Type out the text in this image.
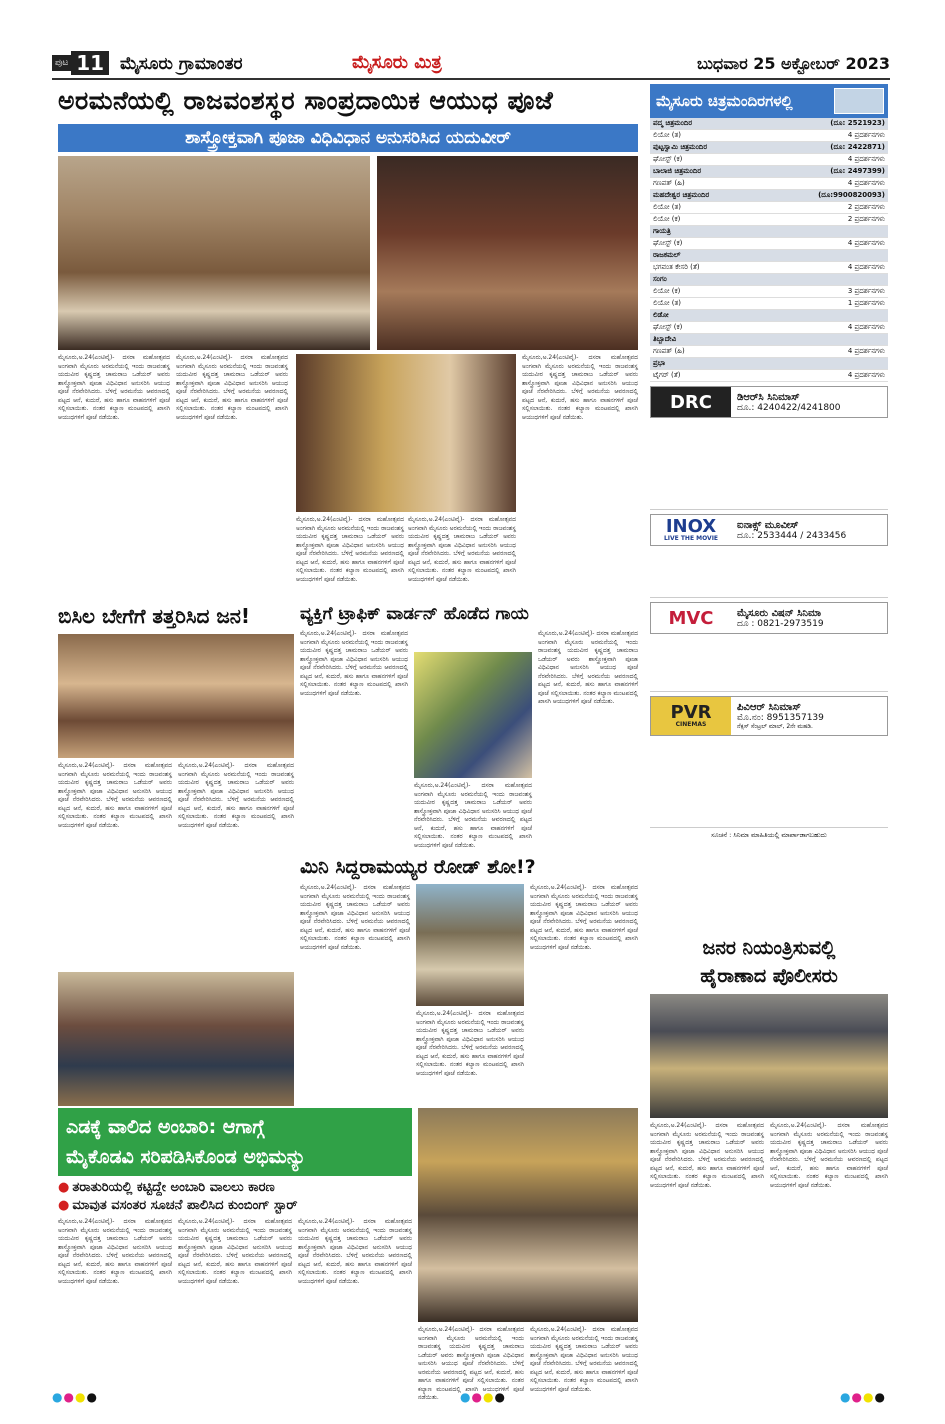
ಪುಟ 11 ಮೈಸೂರು ಗ್ರಾಮಾಂತರ	ಮೈಸೂರು ಮಿತ್ರ	ಬುಧವಾರ 25 ಅಕ್ಟೋಬರ್ 2023
ಅರಮನೆಯಲ್ಲಿ ರಾಜವಂಶಸ್ಥರ ಸಾಂಪ್ರದಾಯಿಕ ಆಯುಧ ಪೂಜೆ
ಶಾಸ್ತ್ರೋಕ್ತವಾಗಿ ಪೂಜಾ ವಿಧಿವಿಧಾನ ಅನುಸರಿಸಿದ ಯದುವೀರ್
ಮೈಸೂರು,ಅ.24(ಎಂಟಿವೈ)- ದಸರಾ ಮಹೋತ್ಸವದ ಅಂಗವಾಗಿ ಮೈಸೂರು ಅರಮನೆಯಲ್ಲಿ ಇಂದು ರಾಜವಂಶಸ್ಥ ಯದುವೀರ ಕೃಷ್ಣದತ್ತ ಚಾಮರಾಜ ಒಡೆಯರ್ ಅವರು ಶಾಸ್ತ್ರೋಕ್ತವಾಗಿ ಪೂಜಾ ವಿಧಿವಿಧಾನ ಅನುಸರಿಸಿ ಆಯುಧ ಪೂಜೆ ನೆರವೇರಿಸಿದರು. ಬೆಳಿಗ್ಗೆ ಅರಮನೆಯ ಆವರಣದಲ್ಲಿ ಪಟ್ಟದ ಆನೆ, ಕುದುರೆ, ಹಸು ಹಾಗೂ ವಾಹನಗಳಿಗೆ ಪೂಜೆ ಸಲ್ಲಿಸಲಾಯಿತು. ನಂತರ ಕಲ್ಯಾಣ ಮಂಟಪದಲ್ಲಿ ಖಾಸಗಿ ಆಯುಧಗಳಿಗೆ ಪೂಜೆ ನಡೆಯಿತು.
ಮೈಸೂರು,ಅ.24(ಎಂಟಿವೈ)- ದಸರಾ ಮಹೋತ್ಸವದ ಅಂಗವಾಗಿ ಮೈಸೂರು ಅರಮನೆಯಲ್ಲಿ ಇಂದು ರಾಜವಂಶಸ್ಥ ಯದುವೀರ ಕೃಷ್ಣದತ್ತ ಚಾಮರಾಜ ಒಡೆಯರ್ ಅವರು ಶಾಸ್ತ್ರೋಕ್ತವಾಗಿ ಪೂಜಾ ವಿಧಿವಿಧಾನ ಅನುಸರಿಸಿ ಆಯುಧ ಪೂಜೆ ನೆರವೇರಿಸಿದರು. ಬೆಳಿಗ್ಗೆ ಅರಮನೆಯ ಆವರಣದಲ್ಲಿ ಪಟ್ಟದ ಆನೆ, ಕುದುರೆ, ಹಸು ಹಾಗೂ ವಾಹನಗಳಿಗೆ ಪೂಜೆ ಸಲ್ಲಿಸಲಾಯಿತು. ನಂತರ ಕಲ್ಯಾಣ ಮಂಟಪದಲ್ಲಿ ಖಾಸಗಿ ಆಯುಧಗಳಿಗೆ ಪೂಜೆ ನಡೆಯಿತು.
ಮೈಸೂರು,ಅ.24(ಎಂಟಿವೈ)- ದಸರಾ ಮಹೋತ್ಸವದ ಅಂಗವಾಗಿ ಮೈಸೂರು ಅರಮನೆಯಲ್ಲಿ ಇಂದು ರಾಜವಂಶಸ್ಥ ಯದುವೀರ ಕೃಷ್ಣದತ್ತ ಚಾಮರಾಜ ಒಡೆಯರ್ ಅವರು ಶಾಸ್ತ್ರೋಕ್ತವಾಗಿ ಪೂಜಾ ವಿಧಿವಿಧಾನ ಅನುಸರಿಸಿ ಆಯುಧ ಪೂಜೆ ನೆರವೇರಿಸಿದರು. ಬೆಳಿಗ್ಗೆ ಅರಮನೆಯ ಆವರಣದಲ್ಲಿ ಪಟ್ಟದ ಆನೆ, ಕುದುರೆ, ಹಸು ಹಾಗೂ ವಾಹನಗಳಿಗೆ ಪೂಜೆ ಸಲ್ಲಿಸಲಾಯಿತು. ನಂತರ ಕಲ್ಯಾಣ ಮಂಟಪದಲ್ಲಿ ಖಾಸಗಿ ಆಯುಧಗಳಿಗೆ ಪೂಜೆ ನಡೆಯಿತು.
ಮೈಸೂರು,ಅ.24(ಎಂಟಿವೈ)- ದಸರಾ ಮಹೋತ್ಸವದ ಅಂಗವಾಗಿ ಮೈಸೂರು ಅರಮನೆಯಲ್ಲಿ ಇಂದು ರಾಜವಂಶಸ್ಥ ಯದುವೀರ ಕೃಷ್ಣದತ್ತ ಚಾಮರಾಜ ಒಡೆಯರ್ ಅವರು ಶಾಸ್ತ್ರೋಕ್ತವಾಗಿ ಪೂಜಾ ವಿಧಿವಿಧಾನ ಅನುಸರಿಸಿ ಆಯುಧ ಪೂಜೆ ನೆರವೇರಿಸಿದರು. ಬೆಳಿಗ್ಗೆ ಅರಮನೆಯ ಆವರಣದಲ್ಲಿ ಪಟ್ಟದ ಆನೆ, ಕುದುರೆ, ಹಸು ಹಾಗೂ ವಾಹನಗಳಿಗೆ ಪೂಜೆ ಸಲ್ಲಿಸಲಾಯಿತು. ನಂತರ ಕಲ್ಯಾಣ ಮಂಟಪದಲ್ಲಿ ಖಾಸಗಿ ಆಯುಧಗಳಿಗೆ ಪೂಜೆ ನಡೆಯಿತು.
ಮೈಸೂರು,ಅ.24(ಎಂಟಿವೈ)- ದಸರಾ ಮಹೋತ್ಸವದ ಅಂಗವಾಗಿ ಮೈಸೂರು ಅರಮನೆಯಲ್ಲಿ ಇಂದು ರಾಜವಂಶಸ್ಥ ಯದುವೀರ ಕೃಷ್ಣದತ್ತ ಚಾಮರಾಜ ಒಡೆಯರ್ ಅವರು ಶಾಸ್ತ್ರೋಕ್ತವಾಗಿ ಪೂಜಾ ವಿಧಿವಿಧಾನ ಅನುಸರಿಸಿ ಆಯುಧ ಪೂಜೆ ನೆರವೇರಿಸಿದರು. ಬೆಳಿಗ್ಗೆ ಅರಮನೆಯ ಆವರಣದಲ್ಲಿ ಪಟ್ಟದ ಆನೆ, ಕುದುರೆ, ಹಸು ಹಾಗೂ ವಾಹನಗಳಿಗೆ ಪೂಜೆ ಸಲ್ಲಿಸಲಾಯಿತು. ನಂತರ ಕಲ್ಯಾಣ ಮಂಟಪದಲ್ಲಿ ಖಾಸಗಿ ಆಯುಧಗಳಿಗೆ ಪೂಜೆ ನಡೆಯಿತು.
ಮೈಸೂರು ಚಿತ್ರಮಂದಿರಗಳಲ್ಲಿ
ಪದ್ಮ ಚಿತ್ರಮಂದಿರ	(ದೂ: 2521923)
ಲಿಯೋ (ತ)	4 ಪ್ರದರ್ಶನಗಳು
ಪುಟ್ಟಸ್ವಾಮಿ ಚಿತ್ರಮಂದಿರ	(ದೂ: 2422871)
ಘೋಸ್ಟ್ (ಕ)	4 ಪ್ರದರ್ಶನಗಳು
ಬಾಲಾಜಿ ಚಿತ್ರಮಂದಿರ	(ದೂ: 2497399)
ಗಣಪತ್ (ಹಿ)	4 ಪ್ರದರ್ಶನಗಳು
ಮಹದೇಶ್ವರ ಚಿತ್ರಮಂದಿರ	(ದೂ:9900820093)
ಲಿಯೋ (ತ)	2 ಪ್ರದರ್ಶನಗಳು
ಲಿಯೋ (ಕ)	2 ಪ್ರದರ್ಶನಗಳು
ಗಾಯತ್ರಿ	
ಘೋಸ್ಟ್ (ಕ)	4 ಪ್ರದರ್ಶನಗಳು
ರಾಜಕಮಲ್	
ಭಗವಂತ ಕೇಸರಿ (ತೆ)	4 ಪ್ರದರ್ಶನಗಳು
ಸಂಗಂ	
ಲಿಯೋ (ಕ)	3 ಪ್ರದರ್ಶನಗಳು
ಲಿಯೋ (ತ)	1 ಪ್ರದರ್ಶನಗಳು
ಲಿಡೋ	
ಘೋಸ್ಟ್ (ಕ)	4 ಪ್ರದರ್ಶನಗಳು
ತಿಬ್ಬಾದೇವಿ	
ಗಣಪತ್ (ಹಿ)	4 ಪ್ರದರ್ಶನಗಳು
ಪ್ರಭಾ	
ಟೈಗರ್ (ತೆ)	4 ಪ್ರದರ್ಶನಗಳು
DRC	ಡಿಆರ್‌ಸಿ ಸಿನಿಮಾಸ್
ದೂ.: 4240422/4241800
INOX
LIVE THE MOVIE
ಐನಾಕ್ಸ್ ಮೂವೀಸ್
ದೂ.: 2533444 / 2433456
MVC	ಮೈಸೂರು ವಿಷನ್ ಸಿನಿಮಾ
ದೂ : 0821-2973519
PVR
CINEMAS
ಪಿವಿಆರ್ ಸಿನಿಮಾಸ್
ಮೊ.ನಂ: 8951357139
ನೆಕ್ಸಸ್ ಸೆಂಟ್ರಲ್ ಮಾಲ್, 2ನೇ ಮಹಡಿ.
ಸೂಚನೆ : ಸಿನಿಮಾ ಮಾಹಿತಿಯಲ್ಲಿ ಮಾರ್ಪಾಡಾಗಬಹುದು
ಬಿಸಿಲ ಬೇಗೆಗೆ ತತ್ತರಿಸಿದ ಜನ!
ಮೈಸೂರು,ಅ.24(ಎಂಟಿವೈ)- ದಸರಾ ಮಹೋತ್ಸವದ ಅಂಗವಾಗಿ ಮೈಸೂರು ಅರಮನೆಯಲ್ಲಿ ಇಂದು ರಾಜವಂಶಸ್ಥ ಯದುವೀರ ಕೃಷ್ಣದತ್ತ ಚಾಮರಾಜ ಒಡೆಯರ್ ಅವರು ಶಾಸ್ತ್ರೋಕ್ತವಾಗಿ ಪೂಜಾ ವಿಧಿವಿಧಾನ ಅನುಸರಿಸಿ ಆಯುಧ ಪೂಜೆ ನೆರವೇರಿಸಿದರು. ಬೆಳಿಗ್ಗೆ ಅರಮನೆಯ ಆವರಣದಲ್ಲಿ ಪಟ್ಟದ ಆನೆ, ಕುದುರೆ, ಹಸು ಹಾಗೂ ವಾಹನಗಳಿಗೆ ಪೂಜೆ ಸಲ್ಲಿಸಲಾಯಿತು. ನಂತರ ಕಲ್ಯಾಣ ಮಂಟಪದಲ್ಲಿ ಖಾಸಗಿ ಆಯುಧಗಳಿಗೆ ಪೂಜೆ ನಡೆಯಿತು.
ಮೈಸೂರು,ಅ.24(ಎಂಟಿವೈ)- ದಸರಾ ಮಹೋತ್ಸವದ ಅಂಗವಾಗಿ ಮೈಸೂರು ಅರಮನೆಯಲ್ಲಿ ಇಂದು ರಾಜವಂಶಸ್ಥ ಯದುವೀರ ಕೃಷ್ಣದತ್ತ ಚಾಮರಾಜ ಒಡೆಯರ್ ಅವರು ಶಾಸ್ತ್ರೋಕ್ತವಾಗಿ ಪೂಜಾ ವಿಧಿವಿಧಾನ ಅನುಸರಿಸಿ ಆಯುಧ ಪೂಜೆ ನೆರವೇರಿಸಿದರು. ಬೆಳಿಗ್ಗೆ ಅರಮನೆಯ ಆವರಣದಲ್ಲಿ ಪಟ್ಟದ ಆನೆ, ಕುದುರೆ, ಹಸು ಹಾಗೂ ವಾಹನಗಳಿಗೆ ಪೂಜೆ ಸಲ್ಲಿಸಲಾಯಿತು. ನಂತರ ಕಲ್ಯಾಣ ಮಂಟಪದಲ್ಲಿ ಖಾಸಗಿ ಆಯುಧಗಳಿಗೆ ಪೂಜೆ ನಡೆಯಿತು.
ವ್ಯಕ್ತಿಗೆ ಟ್ರಾಫಿಕ್ ವಾರ್ಡನ್ ಹೊಡೆದ ಗಾಯ
ಮೈಸೂರು,ಅ.24(ಎಂಟಿವೈ)- ದಸರಾ ಮಹೋತ್ಸವದ ಅಂಗವಾಗಿ ಮೈಸೂರು ಅರಮನೆಯಲ್ಲಿ ಇಂದು ರಾಜವಂಶಸ್ಥ ಯದುವೀರ ಕೃಷ್ಣದತ್ತ ಚಾಮರಾಜ ಒಡೆಯರ್ ಅವರು ಶಾಸ್ತ್ರೋಕ್ತವಾಗಿ ಪೂಜಾ ವಿಧಿವಿಧಾನ ಅನುಸರಿಸಿ ಆಯುಧ ಪೂಜೆ ನೆರವೇರಿಸಿದರು. ಬೆಳಿಗ್ಗೆ ಅರಮನೆಯ ಆವರಣದಲ್ಲಿ ಪಟ್ಟದ ಆನೆ, ಕುದುರೆ, ಹಸು ಹಾಗೂ ವಾಹನಗಳಿಗೆ ಪೂಜೆ ಸಲ್ಲಿಸಲಾಯಿತು. ನಂತರ ಕಲ್ಯಾಣ ಮಂಟಪದಲ್ಲಿ ಖಾಸಗಿ ಆಯುಧಗಳಿಗೆ ಪೂಜೆ ನಡೆಯಿತು.
ಮೈಸೂರು,ಅ.24(ಎಂಟಿವೈ)- ದಸರಾ ಮಹೋತ್ಸವದ ಅಂಗವಾಗಿ ಮೈಸೂರು ಅರಮನೆಯಲ್ಲಿ ಇಂದು ರಾಜವಂಶಸ್ಥ ಯದುವೀರ ಕೃಷ್ಣದತ್ತ ಚಾಮರಾಜ ಒಡೆಯರ್ ಅವರು ಶಾಸ್ತ್ರೋಕ್ತವಾಗಿ ಪೂಜಾ ವಿಧಿವಿಧಾನ ಅನುಸರಿಸಿ ಆಯುಧ ಪೂಜೆ ನೆರವೇರಿಸಿದರು. ಬೆಳಿಗ್ಗೆ ಅರಮನೆಯ ಆವರಣದಲ್ಲಿ ಪಟ್ಟದ ಆನೆ, ಕುದುರೆ, ಹಸು ಹಾಗೂ ವಾಹನಗಳಿಗೆ ಪೂಜೆ ಸಲ್ಲಿಸಲಾಯಿತು. ನಂತರ ಕಲ್ಯಾಣ ಮಂಟಪದಲ್ಲಿ ಖಾಸಗಿ ಆಯುಧಗಳಿಗೆ ಪೂಜೆ ನಡೆಯಿತು.
ಮೈಸೂರು,ಅ.24(ಎಂಟಿವೈ)- ದಸರಾ ಮಹೋತ್ಸವದ ಅಂಗವಾಗಿ ಮೈಸೂರು ಅರಮನೆಯಲ್ಲಿ ಇಂದು ರಾಜವಂಶಸ್ಥ ಯದುವೀರ ಕೃಷ್ಣದತ್ತ ಚಾಮರಾಜ ಒಡೆಯರ್ ಅವರು ಶಾಸ್ತ್ರೋಕ್ತವಾಗಿ ಪೂಜಾ ವಿಧಿವಿಧಾನ ಅನುಸರಿಸಿ ಆಯುಧ ಪೂಜೆ ನೆರವೇರಿಸಿದರು. ಬೆಳಿಗ್ಗೆ ಅರಮನೆಯ ಆವರಣದಲ್ಲಿ ಪಟ್ಟದ ಆನೆ, ಕುದುರೆ, ಹಸು ಹಾಗೂ ವಾಹನಗಳಿಗೆ ಪೂಜೆ ಸಲ್ಲಿಸಲಾಯಿತು. ನಂತರ ಕಲ್ಯಾಣ ಮಂಟಪದಲ್ಲಿ ಖಾಸಗಿ ಆಯುಧಗಳಿಗೆ ಪೂಜೆ ನಡೆಯಿತು.
ಮಿನಿ ಸಿದ್ದರಾಮಯ್ಯರ ರೋಡ್ ಶೋ!?
ಮೈಸೂರು,ಅ.24(ಎಂಟಿವೈ)- ದಸರಾ ಮಹೋತ್ಸವದ ಅಂಗವಾಗಿ ಮೈಸೂರು ಅರಮನೆಯಲ್ಲಿ ಇಂದು ರಾಜವಂಶಸ್ಥ ಯದುವೀರ ಕೃಷ್ಣದತ್ತ ಚಾಮರಾಜ ಒಡೆಯರ್ ಅವರು ಶಾಸ್ತ್ರೋಕ್ತವಾಗಿ ಪೂಜಾ ವಿಧಿವಿಧಾನ ಅನುಸರಿಸಿ ಆಯುಧ ಪೂಜೆ ನೆರವೇರಿಸಿದರು. ಬೆಳಿಗ್ಗೆ ಅರಮನೆಯ ಆವರಣದಲ್ಲಿ ಪಟ್ಟದ ಆನೆ, ಕುದುರೆ, ಹಸು ಹಾಗೂ ವಾಹನಗಳಿಗೆ ಪೂಜೆ ಸಲ್ಲಿಸಲಾಯಿತು. ನಂತರ ಕಲ್ಯಾಣ ಮಂಟಪದಲ್ಲಿ ಖಾಸಗಿ ಆಯುಧಗಳಿಗೆ ಪೂಜೆ ನಡೆಯಿತು.
ಮೈಸೂರು,ಅ.24(ಎಂಟಿವೈ)- ದಸರಾ ಮಹೋತ್ಸವದ ಅಂಗವಾಗಿ ಮೈಸೂರು ಅರಮನೆಯಲ್ಲಿ ಇಂದು ರಾಜವಂಶಸ್ಥ ಯದುವೀರ ಕೃಷ್ಣದತ್ತ ಚಾಮರಾಜ ಒಡೆಯರ್ ಅವರು ಶಾಸ್ತ್ರೋಕ್ತವಾಗಿ ಪೂಜಾ ವಿಧಿವಿಧಾನ ಅನುಸರಿಸಿ ಆಯುಧ ಪೂಜೆ ನೆರವೇರಿಸಿದರು. ಬೆಳಿಗ್ಗೆ ಅರಮನೆಯ ಆವರಣದಲ್ಲಿ ಪಟ್ಟದ ಆನೆ, ಕುದುರೆ, ಹಸು ಹಾಗೂ ವಾಹನಗಳಿಗೆ ಪೂಜೆ ಸಲ್ಲಿಸಲಾಯಿತು. ನಂತರ ಕಲ್ಯಾಣ ಮಂಟಪದಲ್ಲಿ ಖಾಸಗಿ ಆಯುಧಗಳಿಗೆ ಪೂಜೆ ನಡೆಯಿತು.
ಮೈಸೂರು,ಅ.24(ಎಂಟಿವೈ)- ದಸರಾ ಮಹೋತ್ಸವದ ಅಂಗವಾಗಿ ಮೈಸೂರು ಅರಮನೆಯಲ್ಲಿ ಇಂದು ರಾಜವಂಶಸ್ಥ ಯದುವೀರ ಕೃಷ್ಣದತ್ತ ಚಾಮರಾಜ ಒಡೆಯರ್ ಅವರು ಶಾಸ್ತ್ರೋಕ್ತವಾಗಿ ಪೂಜಾ ವಿಧಿವಿಧಾನ ಅನುಸರಿಸಿ ಆಯುಧ ಪೂಜೆ ನೆರವೇರಿಸಿದರು. ಬೆಳಿಗ್ಗೆ ಅರಮನೆಯ ಆವರಣದಲ್ಲಿ ಪಟ್ಟದ ಆನೆ, ಕುದುರೆ, ಹಸು ಹಾಗೂ ವಾಹನಗಳಿಗೆ ಪೂಜೆ ಸಲ್ಲಿಸಲಾಯಿತು. ನಂತರ ಕಲ್ಯಾಣ ಮಂಟಪದಲ್ಲಿ ಖಾಸಗಿ ಆಯುಧಗಳಿಗೆ ಪೂಜೆ ನಡೆಯಿತು.	ಜನರ ನಿಯಂತ್ರಿಸುವಲ್ಲಿ
ಹೈರಾಣಾದ ಪೊಲೀಸರು
ಮೈಸೂರು,ಅ.24(ಎಂಟಿವೈ)- ದಸರಾ ಮಹೋತ್ಸವದ ಅಂಗವಾಗಿ ಮೈಸೂರು ಅರಮನೆಯಲ್ಲಿ ಇಂದು ರಾಜವಂಶಸ್ಥ ಯದುವೀರ ಕೃಷ್ಣದತ್ತ ಚಾಮರಾಜ ಒಡೆಯರ್ ಅವರು ಶಾಸ್ತ್ರೋಕ್ತವಾಗಿ ಪೂಜಾ ವಿಧಿವಿಧಾನ ಅನುಸರಿಸಿ ಆಯುಧ ಪೂಜೆ ನೆರವೇರಿಸಿದರು. ಬೆಳಿಗ್ಗೆ ಅರಮನೆಯ ಆವರಣದಲ್ಲಿ ಪಟ್ಟದ ಆನೆ, ಕುದುರೆ, ಹಸು ಹಾಗೂ ವಾಹನಗಳಿಗೆ ಪೂಜೆ ಸಲ್ಲಿಸಲಾಯಿತು. ನಂತರ ಕಲ್ಯಾಣ ಮಂಟಪದಲ್ಲಿ ಖಾಸಗಿ ಆಯುಧಗಳಿಗೆ ಪೂಜೆ ನಡೆಯಿತು.
ಮೈಸೂರು,ಅ.24(ಎಂಟಿವೈ)- ದಸರಾ ಮಹೋತ್ಸವದ ಅಂಗವಾಗಿ ಮೈಸೂರು ಅರಮನೆಯಲ್ಲಿ ಇಂದು ರಾಜವಂಶಸ್ಥ ಯದುವೀರ ಕೃಷ್ಣದತ್ತ ಚಾಮರಾಜ ಒಡೆಯರ್ ಅವರು ಶಾಸ್ತ್ರೋಕ್ತವಾಗಿ ಪೂಜಾ ವಿಧಿವಿಧಾನ ಅನುಸರಿಸಿ ಆಯುಧ ಪೂಜೆ ನೆರವೇರಿಸಿದರು. ಬೆಳಿಗ್ಗೆ ಅರಮನೆಯ ಆವರಣದಲ್ಲಿ ಪಟ್ಟದ ಆನೆ, ಕುದುರೆ, ಹಸು ಹಾಗೂ ವಾಹನಗಳಿಗೆ ಪೂಜೆ ಸಲ್ಲಿಸಲಾಯಿತು. ನಂತರ ಕಲ್ಯಾಣ ಮಂಟಪದಲ್ಲಿ ಖಾಸಗಿ ಆಯುಧಗಳಿಗೆ ಪೂಜೆ ನಡೆಯಿತು.
ಎಡಕ್ಕೆ ವಾಲಿದ ಅಂಬಾರಿ: ಆಗಾಗ್ಗೆ
ಮೈಕೊಡವಿ ಸರಿಪಡಿಸಿಕೊಂಡ ಅಭಿಮನ್ಯು
● ತರಾತುರಿಯಲ್ಲಿ ಕಟ್ಟಿದ್ದೇ ಅಂಬಾರಿ ವಾಲಲು ಕಾರಣ
● ಮಾವುತ ವಸಂತರ ಸೂಚನೆ ಪಾಲಿಸಿದ ಕುಂಬಿಂಗ್ ಸ್ಟಾರ್
ಮೈಸೂರು,ಅ.24(ಎಂಟಿವೈ)- ದಸರಾ ಮಹೋತ್ಸವದ ಅಂಗವಾಗಿ ಮೈಸೂರು ಅರಮನೆಯಲ್ಲಿ ಇಂದು ರಾಜವಂಶಸ್ಥ ಯದುವೀರ ಕೃಷ್ಣದತ್ತ ಚಾಮರಾಜ ಒಡೆಯರ್ ಅವರು ಶಾಸ್ತ್ರೋಕ್ತವಾಗಿ ಪೂಜಾ ವಿಧಿವಿಧಾನ ಅನುಸರಿಸಿ ಆಯುಧ ಪೂಜೆ ನೆರವೇರಿಸಿದರು. ಬೆಳಿಗ್ಗೆ ಅರಮನೆಯ ಆವರಣದಲ್ಲಿ ಪಟ್ಟದ ಆನೆ, ಕುದುರೆ, ಹಸು ಹಾಗೂ ವಾಹನಗಳಿಗೆ ಪೂಜೆ ಸಲ್ಲಿಸಲಾಯಿತು. ನಂತರ ಕಲ್ಯಾಣ ಮಂಟಪದಲ್ಲಿ ಖಾಸಗಿ ಆಯುಧಗಳಿಗೆ ಪೂಜೆ ನಡೆಯಿತು.
ಮೈಸೂರು,ಅ.24(ಎಂಟಿವೈ)- ದಸರಾ ಮಹೋತ್ಸವದ ಅಂಗವಾಗಿ ಮೈಸೂರು ಅರಮನೆಯಲ್ಲಿ ಇಂದು ರಾಜವಂಶಸ್ಥ ಯದುವೀರ ಕೃಷ್ಣದತ್ತ ಚಾಮರಾಜ ಒಡೆಯರ್ ಅವರು ಶಾಸ್ತ್ರೋಕ್ತವಾಗಿ ಪೂಜಾ ವಿಧಿವಿಧಾನ ಅನುಸರಿಸಿ ಆಯುಧ ಪೂಜೆ ನೆರವೇರಿಸಿದರು. ಬೆಳಿಗ್ಗೆ ಅರಮನೆಯ ಆವರಣದಲ್ಲಿ ಪಟ್ಟದ ಆನೆ, ಕುದುರೆ, ಹಸು ಹಾಗೂ ವಾಹನಗಳಿಗೆ ಪೂಜೆ ಸಲ್ಲಿಸಲಾಯಿತು. ನಂತರ ಕಲ್ಯಾಣ ಮಂಟಪದಲ್ಲಿ ಖಾಸಗಿ ಆಯುಧಗಳಿಗೆ ಪೂಜೆ ನಡೆಯಿತು.
ಮೈಸೂರು,ಅ.24(ಎಂಟಿವೈ)- ದಸರಾ ಮಹೋತ್ಸವದ ಅಂಗವಾಗಿ ಮೈಸೂರು ಅರಮನೆಯಲ್ಲಿ ಇಂದು ರಾಜವಂಶಸ್ಥ ಯದುವೀರ ಕೃಷ್ಣದತ್ತ ಚಾಮರಾಜ ಒಡೆಯರ್ ಅವರು ಶಾಸ್ತ್ರೋಕ್ತವಾಗಿ ಪೂಜಾ ವಿಧಿವಿಧಾನ ಅನುಸರಿಸಿ ಆಯುಧ ಪೂಜೆ ನೆರವೇರಿಸಿದರು. ಬೆಳಿಗ್ಗೆ ಅರಮನೆಯ ಆವರಣದಲ್ಲಿ ಪಟ್ಟದ ಆನೆ, ಕುದುರೆ, ಹಸು ಹಾಗೂ ವಾಹನಗಳಿಗೆ ಪೂಜೆ ಸಲ್ಲಿಸಲಾಯಿತು. ನಂತರ ಕಲ್ಯಾಣ ಮಂಟಪದಲ್ಲಿ ಖಾಸಗಿ ಆಯುಧಗಳಿಗೆ ಪೂಜೆ ನಡೆಯಿತು.
ಮೈಸೂರು,ಅ.24(ಎಂಟಿವೈ)- ದಸರಾ ಮಹೋತ್ಸವದ ಅಂಗವಾಗಿ ಮೈಸೂರು ಅರಮನೆಯಲ್ಲಿ ಇಂದು ರಾಜವಂಶಸ್ಥ ಯದುವೀರ ಕೃಷ್ಣದತ್ತ ಚಾಮರಾಜ ಒಡೆಯರ್ ಅವರು ಶಾಸ್ತ್ರೋಕ್ತವಾಗಿ ಪೂಜಾ ವಿಧಿವಿಧಾನ ಅನುಸರಿಸಿ ಆಯುಧ ಪೂಜೆ ನೆರವೇರಿಸಿದರು. ಬೆಳಿಗ್ಗೆ ಅರಮನೆಯ ಆವರಣದಲ್ಲಿ ಪಟ್ಟದ ಆನೆ, ಕುದುರೆ, ಹಸು ಹಾಗೂ ವಾಹನಗಳಿಗೆ ಪೂಜೆ ಸಲ್ಲಿಸಲಾಯಿತು. ನಂತರ ಕಲ್ಯಾಣ ಮಂಟಪದಲ್ಲಿ ಖಾಸಗಿ ಆಯುಧಗಳಿಗೆ ಪೂಜೆ ನಡೆಯಿತು.
ಮೈಸೂರು,ಅ.24(ಎಂಟಿವೈ)- ದಸರಾ ಮಹೋತ್ಸವದ ಅಂಗವಾಗಿ ಮೈಸೂರು ಅರಮನೆಯಲ್ಲಿ ಇಂದು ರಾಜವಂಶಸ್ಥ ಯದುವೀರ ಕೃಷ್ಣದತ್ತ ಚಾಮರಾಜ ಒಡೆಯರ್ ಅವರು ಶಾಸ್ತ್ರೋಕ್ತವಾಗಿ ಪೂಜಾ ವಿಧಿವಿಧಾನ ಅನುಸರಿಸಿ ಆಯುಧ ಪೂಜೆ ನೆರವೇರಿಸಿದರು. ಬೆಳಿಗ್ಗೆ ಅರಮನೆಯ ಆವರಣದಲ್ಲಿ ಪಟ್ಟದ ಆನೆ, ಕುದುರೆ, ಹಸು ಹಾಗೂ ವಾಹನಗಳಿಗೆ ಪೂಜೆ ಸಲ್ಲಿಸಲಾಯಿತು. ನಂತರ ಕಲ್ಯಾಣ ಮಂಟಪದಲ್ಲಿ ಖಾಸಗಿ ಆಯುಧಗಳಿಗೆ ಪೂಜೆ ನಡೆಯಿತು.
●●●●	●●●●	●●●●
